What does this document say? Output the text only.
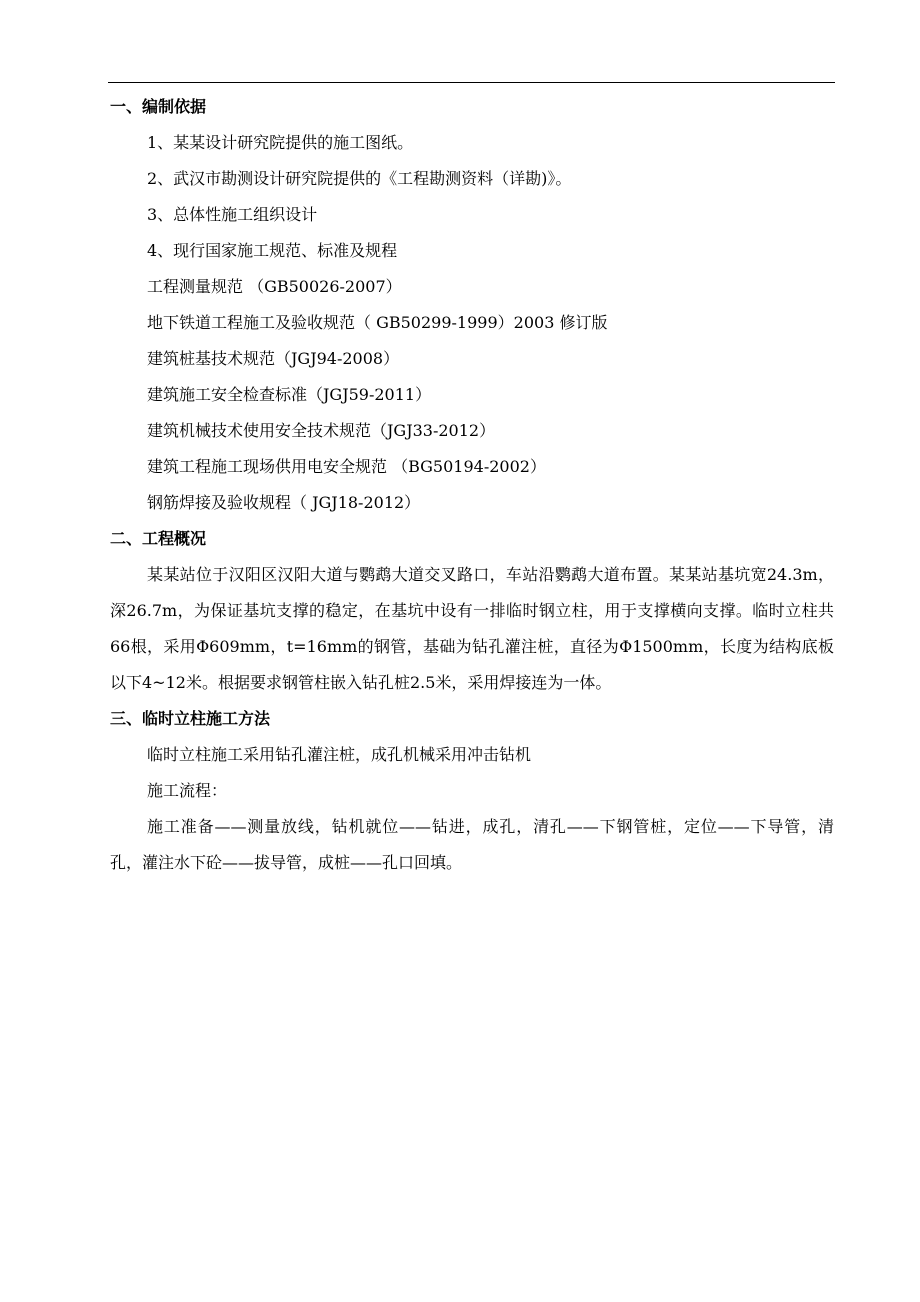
一、编制依据
1、某某设计研究院提供的施工图纸。
2、武汉市勘测设计研究院提供的《工程勘测资料（详勘)》。
3、总体性施工组织设计
4、现行国家施工规范、标准及规程
工程测量规范 （GB50026-2007）
地下铁道工程施工及验收规范（ GB50299-1999）2003 修订版
建筑桩基技术规范（JGJ94-2008）
建筑施工安全检查标准（JGJ59-2011）
建筑机械技术使用安全技术规范（JGJ33-2012）
建筑工程施工现场供用电安全规范 （BG50194-2002）
钢筋焊接及验收规程（ JGJ18-2012）
二、工程概况

某某站位于汉阳区汉阳大道与鹦鹉大道交叉路口，车站沿鹦鹉大道布置。某某站基坑宽24.3m，深26.7m，为保证基坑支撑的稳定，在基坑中设有一排临时钢立柱，用于支撑横向支撑。临时立柱共66根，采用Φ609mm，t=16mm的钢管，基础为钻孔灌注桩，直径为Φ1500mm，长度为结构底板以下4~12米。根据要求钢管柱嵌入钻孔桩2.5米，采用焊接连为一体。

三、临时立柱施工方法
临时立柱施工采用钻孔灌注桩，成孔机械采用冲击钻机
施工流程：

施工准备——测量放线，钻机就位——钻进，成孔，清孔——下钢管桩，定位——下导管，清孔，灌注水下砼——拔导管，成桩——孔口回填。
